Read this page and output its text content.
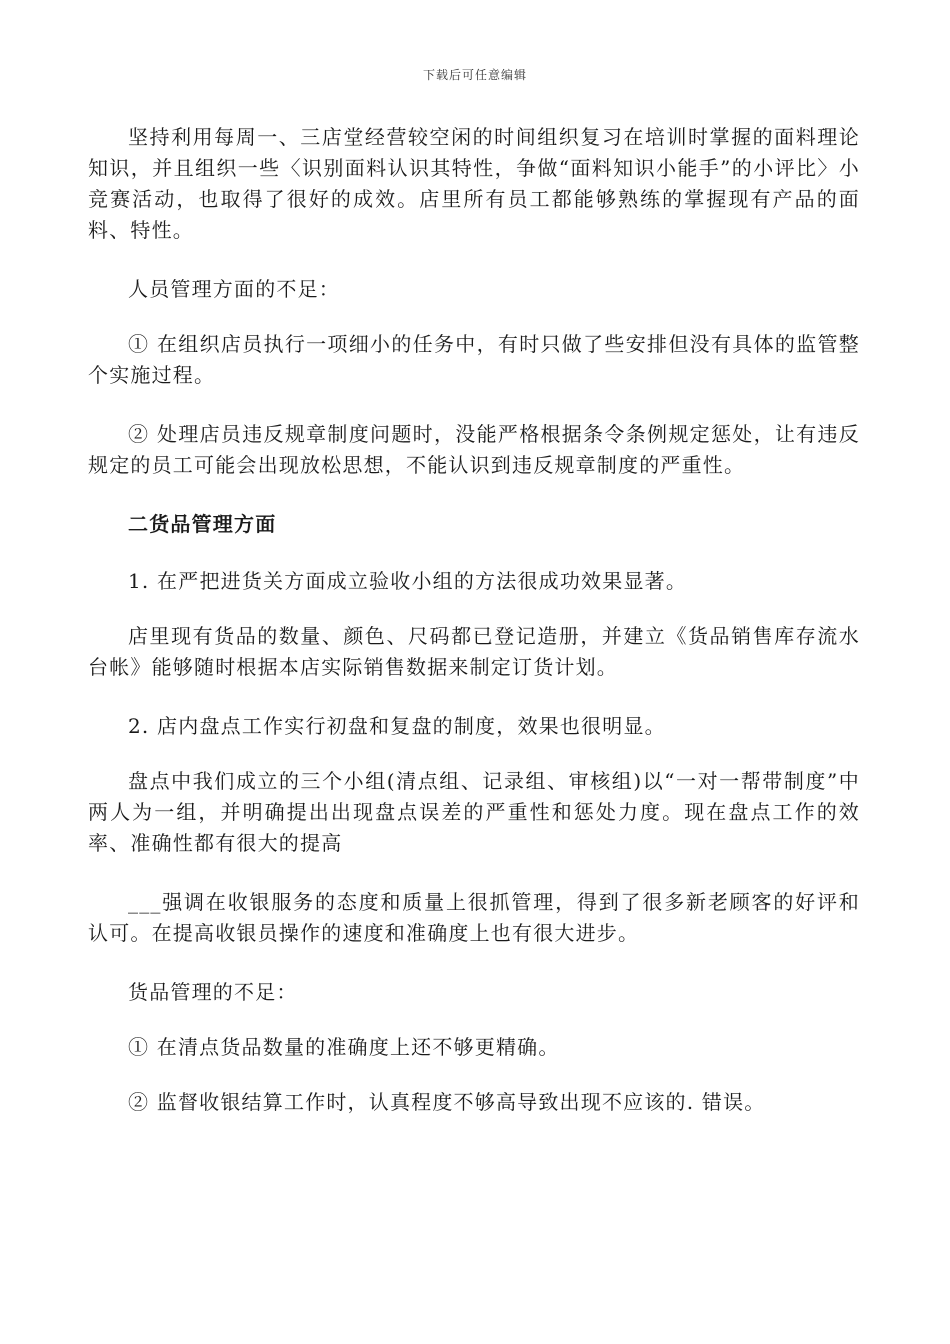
下载后可任意编辑

坚持利用每周一、三店堂经营较空闲的时间组织复习在培训时掌握的面料理论知识，并且组织一些〈识别面料认识其特性，争做“面料知识小能手”的小评比〉小竞赛活动，也取得了很好的成效。店里所有员工都能够熟练的掌握现有产品的面料、特性。

人员管理方面的不足：

① 在组织店员执行一项细小的任务中，有时只做了些安排但没有具体的监管整个实施过程。

② 处理店员违反规章制度问题时，没能严格根据条令条例规定惩处，让有违反规定的员工可能会出现放松思想，不能认识到违反规章制度的严重性。

二货品管理方面

1. 在严把进货关方面成立验收小组的方法很成功效果显著。

店里现有货品的数量、颜色、尺码都已登记造册，并建立《货品销售库存流水台帐》能够随时根据本店实际销售数据来制定订货计划。

2. 店内盘点工作实行初盘和复盘的制度，效果也很明显。

盘点中我们成立的三个小组(清点组、记录组、审核组)以“一对一帮带制度”中两人为一组，并明确提出出现盘点误差的严重性和惩处力度。现在盘点工作的效率、准确性都有很大的提高

___强调在收银服务的态度和质量上很抓管理，得到了很多新老顾客的好评和认可。在提高收银员操作的速度和准确度上也有很大进步。

货品管理的不足：

① 在清点货品数量的准确度上还不够更精确。

② 监督收银结算工作时，认真程度不够高导致出现不应该的. 错误。
